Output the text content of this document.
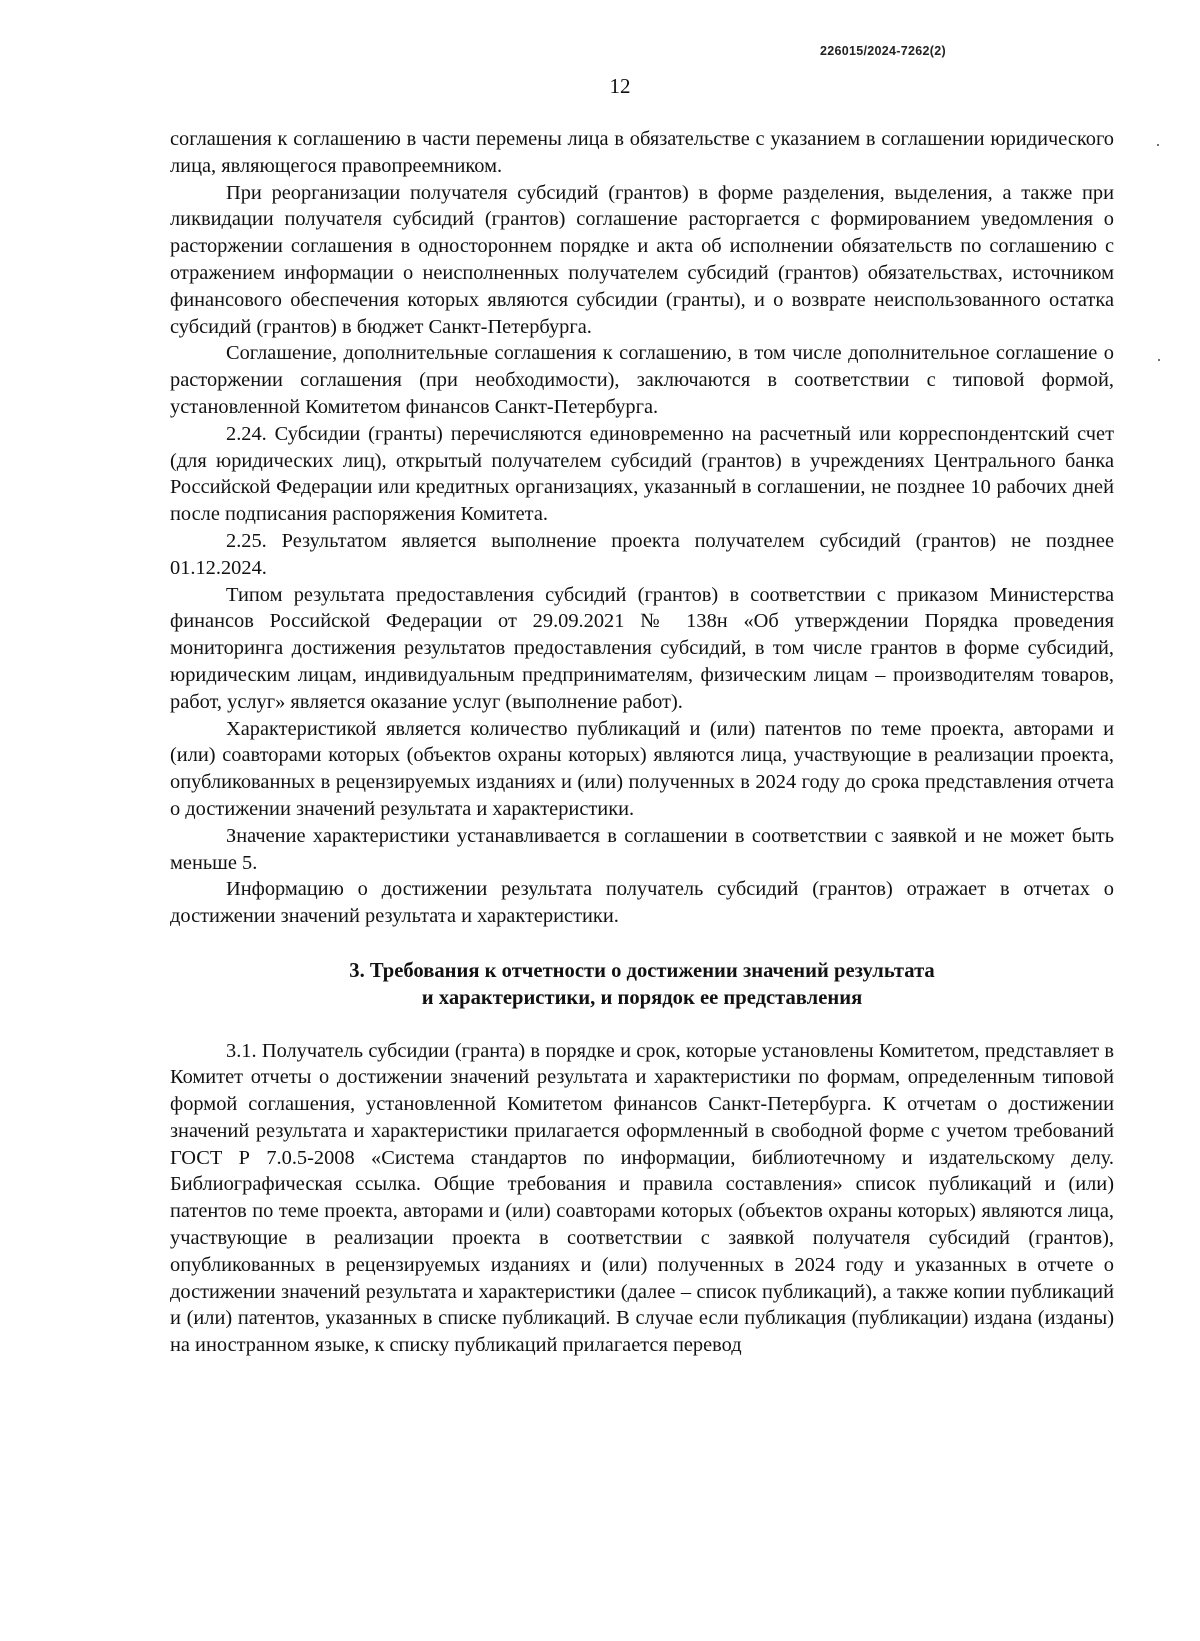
226015/2024-7262(2)
12

соглашения к соглашению в части перемены лица в обязательстве с указанием в соглашении юридического лица, являющегося правопреемником.

При реорганизации получателя субсидий (грантов) в форме разделения, выделения, а также при ликвидации получателя субсидий (грантов) соглашение расторгается с формированием уведомления о расторжении соглашения в одностороннем порядке и акта об исполнении обязательств по соглашению с отражением информации о неисполненных получателем субсидий (грантов) обязательствах, источником финансового обеспечения которых являются субсидии (гранты), и о возврате неиспользованного остатка субсидий (грантов) в бюджет Санкт-Петербурга.

Соглашение, дополнительные соглашения к соглашению, в том числе дополнительное соглашение о расторжении соглашения (при необходимости), заключаются в соответствии с типовой формой, установленной Комитетом финансов Санкт-Петербурга.

2.24. Субсидии (гранты) перечисляются единовременно на расчетный или корреспондентский счет (для юридических лиц), открытый получателем субсидий (грантов) в учреждениях Центрального банка Российской Федерации или кредитных организациях, указанный в соглашении, не позднее 10 рабочих дней после подписания распоряжения Комитета.

2.25. Результатом является выполнение проекта получателем субсидий (грантов) не позднее 01.12.2024.

Типом результата предоставления субсидий (грантов) в соответствии с приказом Министерства финансов Российской Федерации от 29.09.2021 № 138н «Об утверждении Порядка проведения мониторинга достижения результатов предоставления субсидий, в том числе грантов в форме субсидий, юридическим лицам, индивидуальным предпринимателям, физическим лицам – производителям товаров, работ, услуг» является оказание услуг (выполнение работ).

Характеристикой является количество публикаций и (или) патентов по теме проекта, авторами и (или) соавторами которых (объектов охраны которых) являются лица, участвующие в реализации проекта, опубликованных в рецензируемых изданиях и (или) полученных в 2024 году до срока представления отчета о достижении значений результата и характеристики.

Значение характеристики устанавливается в соглашении в соответствии с заявкой и не может быть меньше 5.

Информацию о достижении результата получатель субсидий (грантов) отражает в отчетах о достижении значений результата и характеристики.

3. Требования к отчетности о достижении значений результата
и характеристики, и порядок ее представления

3.1. Получатель субсидии (гранта) в порядке и срок, которые установлены Комитетом, представляет в Комитет отчеты о достижении значений результата и характеристики по формам, определенным типовой формой соглашения, установленной Комитетом финансов Санкт-Петербурга. К отчетам о достижении значений результата и характеристики прилагается оформленный в свободной форме с учетом требований ГОСТ Р 7.0.5-2008 «Система стандартов по информации, библиотечному и издательскому делу. Библиографическая ссылка. Общие требования и правила составления» список публикаций и (или) патентов по теме проекта, авторами и (или) соавторами которых (объектов охраны которых) являются лица, участвующие в реализации проекта в соответствии с заявкой получателя субсидий (грантов), опубликованных в рецензируемых изданиях и (или) полученных в 2024 году и указанных в отчете о достижении значений результата и характеристики (далее – список публикаций), а также копии публикаций и (или) патентов, указанных в списке публикаций. В случае если публикация (публикации) издана (изданы) на иностранном языке, к списку публикаций прилагается перевод
